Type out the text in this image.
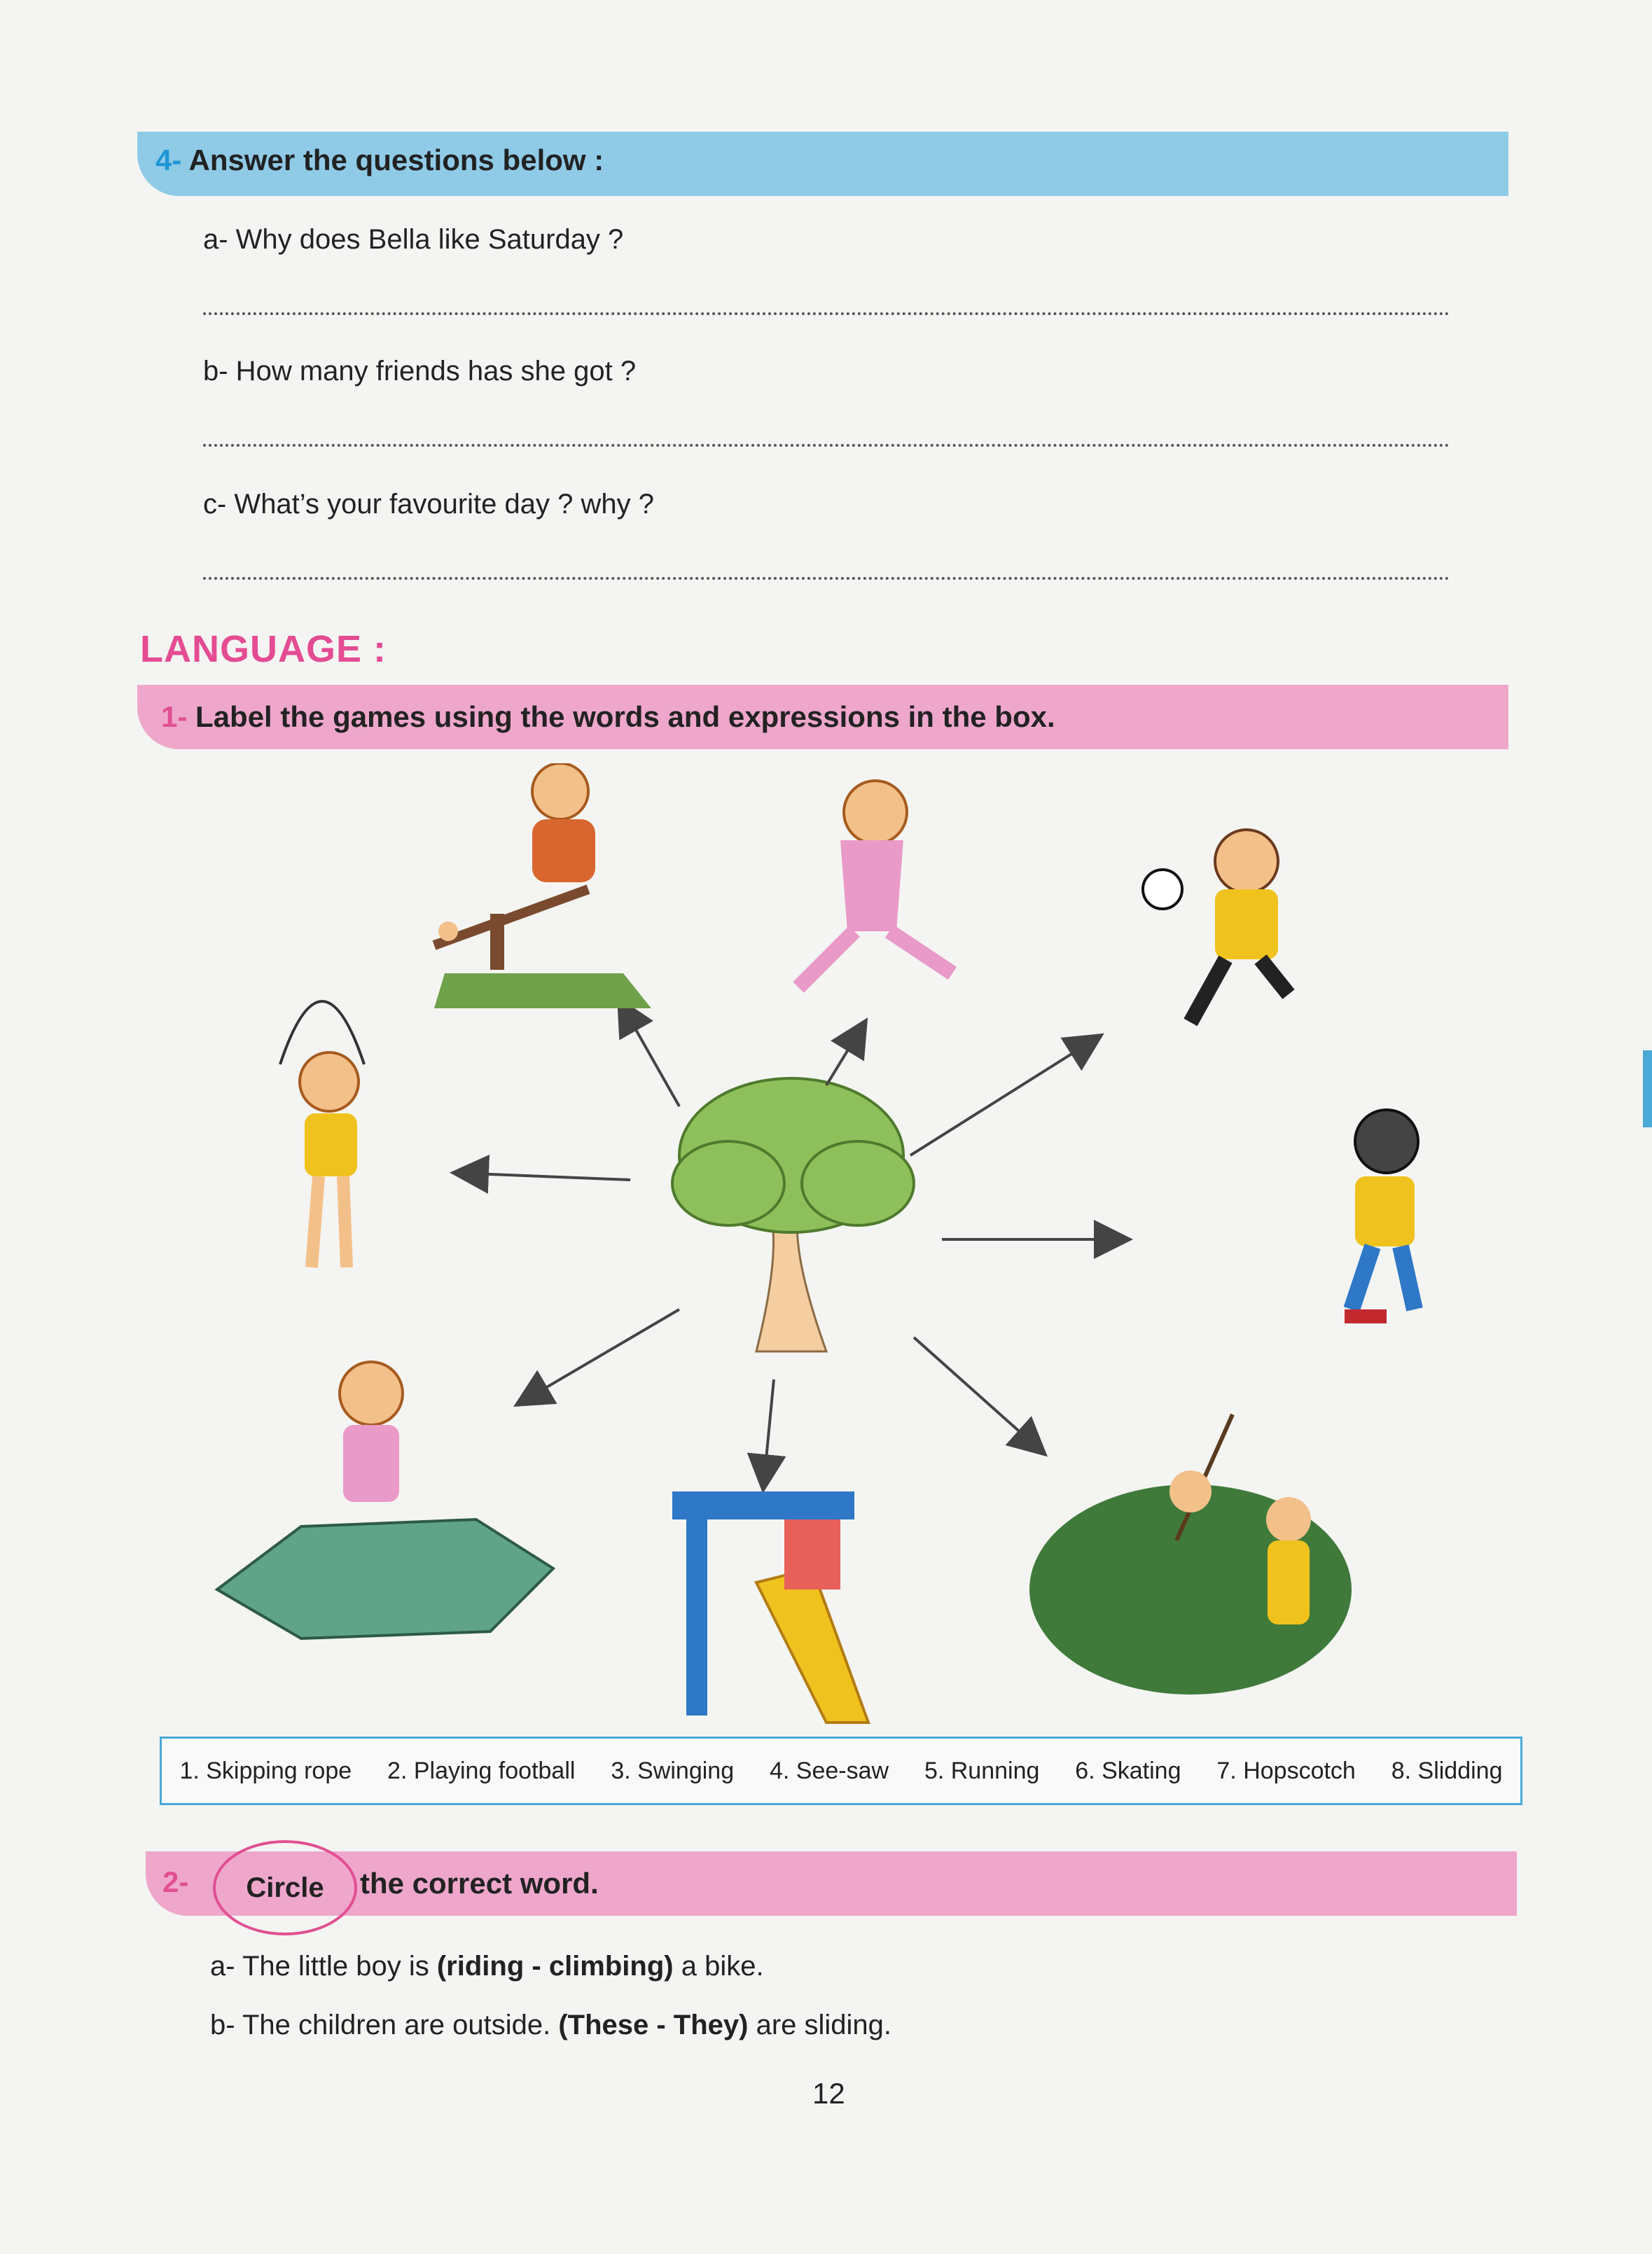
4- Answer the questions below :
a- Why does Bella like Saturday ?
b- How many friends has she got ?
c- What’s your favourite day ? why ?
LANGUAGE :
1- Label the games using the words and expressions in the box.
1. Skipping rope 2. Playing football 3. Swinging 4. See-saw 5. Running 6. Skating 7. Hopscotch 8. Slidding
2-	Circle	the correct word.
a- The little boy is (riding - climbing) a bike.
b- The children are outside. (These - They) are sliding.
12
